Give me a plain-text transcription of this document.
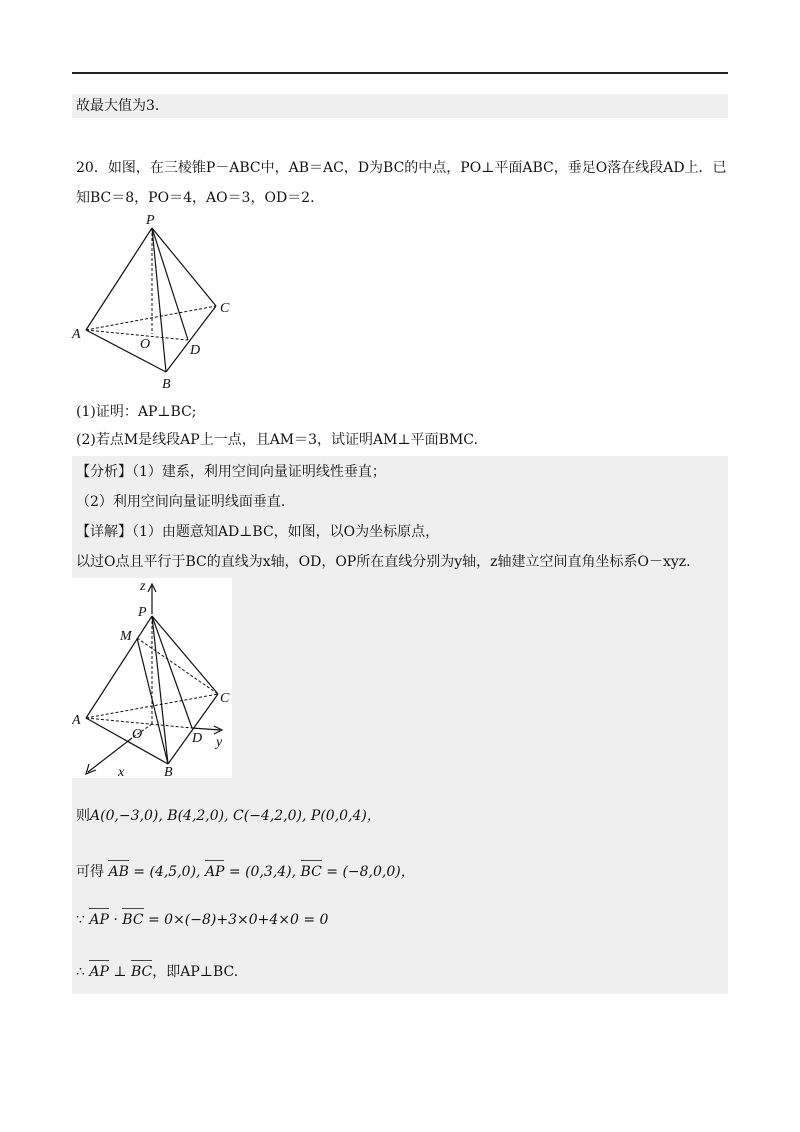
故最大值为3．
20．如图，在三棱锥P－ABC中，AB＝AC，D为BC的中点，PO⊥平面ABC，垂足O落在线段AD上．已
知BC＝8，PO＝4，AO＝3，OD＝2.
P
A
C
O	D
B
(1)证明：AP⊥BC;
(2)若点M是线段AP上一点，且AM＝3，试证明AM⊥平面BMC.
【分析】（1）建系，利用空间向量证明线性垂直；
（2）利用空间向量证明线面垂直.
【详解】（1）由题意知AD⊥BC，如图，以O为坐标原点，
以过O点且平行于BC的直线为x轴，OD，OP所在直线分别为y轴，z轴建立空间直角坐标系O－xyz.
z
P
M
A
C
O	D y
x	B
则A(0,−3,0), B(4,2,0), C(−4,2,0), P(0,0,4)，
可得 AB = (4,5,0), AP = (0,3,4), BC = (−8,0,0)，
∵ AP · BC = 0×(−8)+3×0+4×0 = 0
∴ AP ⊥ BC，即AP⊥BC.
